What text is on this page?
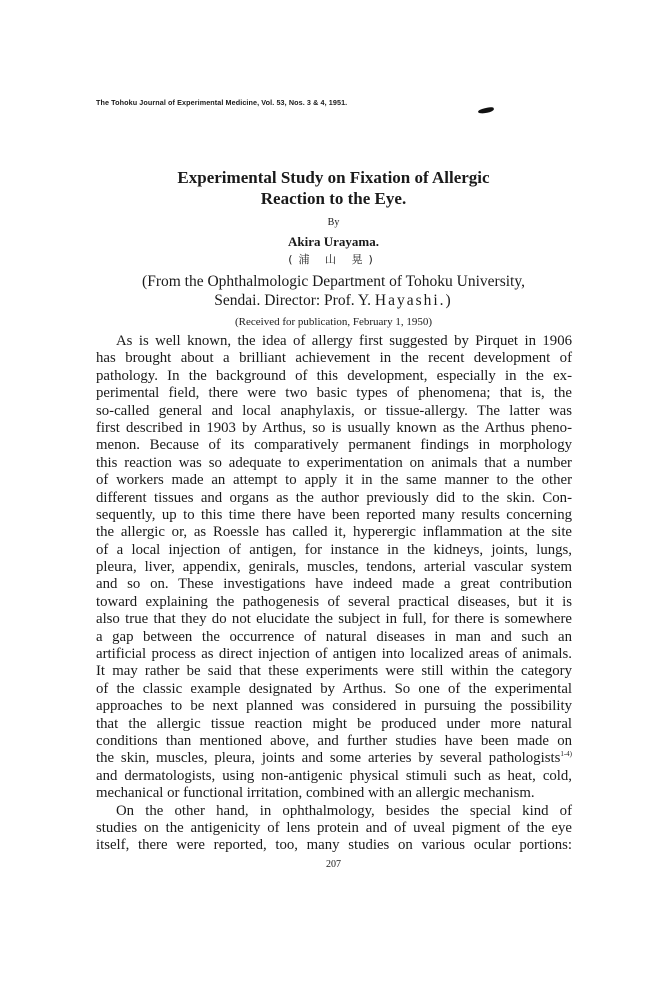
The Tohoku Journal of Experimental Medicine, Vol. 53, Nos. 3 & 4, 1951.
Experimental Study on Fixation of Allergic
Reaction to the Eye.
By
Akira Urayama.
(浦 山 晃)
(From the Ophthalmologic Department of Tohoku University,
Sendai. Director: Prof. Y. Hayashi.)
(Received for publication, February 1, 1950)
As is well known, the idea of allergy first suggested by Pirquet in 1906
has brought about a brilliant achievement in the recent development of
pathology. In the background of this development, especially in the ex-
perimental field, there were two basic types of phenomena; that is, the
so-called general and local anaphylaxis, or tissue-allergy. The latter was
first described in 1903 by Arthus, so is usually known as the Arthus pheno-
menon. Because of its comparatively permanent findings in morphology
this reaction was so adequate to experimentation on animals that a number
of workers made an attempt to apply it in the same manner to the other
different tissues and organs as the author previously did to the skin. Con-
sequently, up to this time there have been reported many results concerning
the allergic or, as Roessle has called it, hyperergic inflammation at the site
of a local injection of antigen, for instance in the kidneys, joints, lungs,
pleura, liver, appendix, genirals, muscles, tendons, arterial vascular system
and so on. These investigations have indeed made a great contribution
toward explaining the pathogenesis of several practical diseases, but it is
also true that they do not elucidate the subject in full, for there is somewhere
a gap between the occurrence of natural diseases in man and such an
artificial process as direct injection of antigen into localized areas of animals.
It may rather be said that these experiments were still within the category
of the classic example designated by Arthus. So one of the experimental
approaches to be next planned was considered in pursuing the possibility
that the allergic tissue reaction might be produced under more natural
conditions than mentioned above, and further studies have been made on
the skin, muscles, pleura, joints and some arteries by several pathologists$^{1-4)}$
and dermatologists, using non-antigenic physical stimuli such as heat, cold,
mechanical or functional irritation, combined with an allergic mechanism.
On the other hand, in ophthalmology, besides the special kind of
studies on the antigenicity of lens protein and of uveal pigment of the eye
itself, there were reported, too, many studies on various ocular portions:
207
